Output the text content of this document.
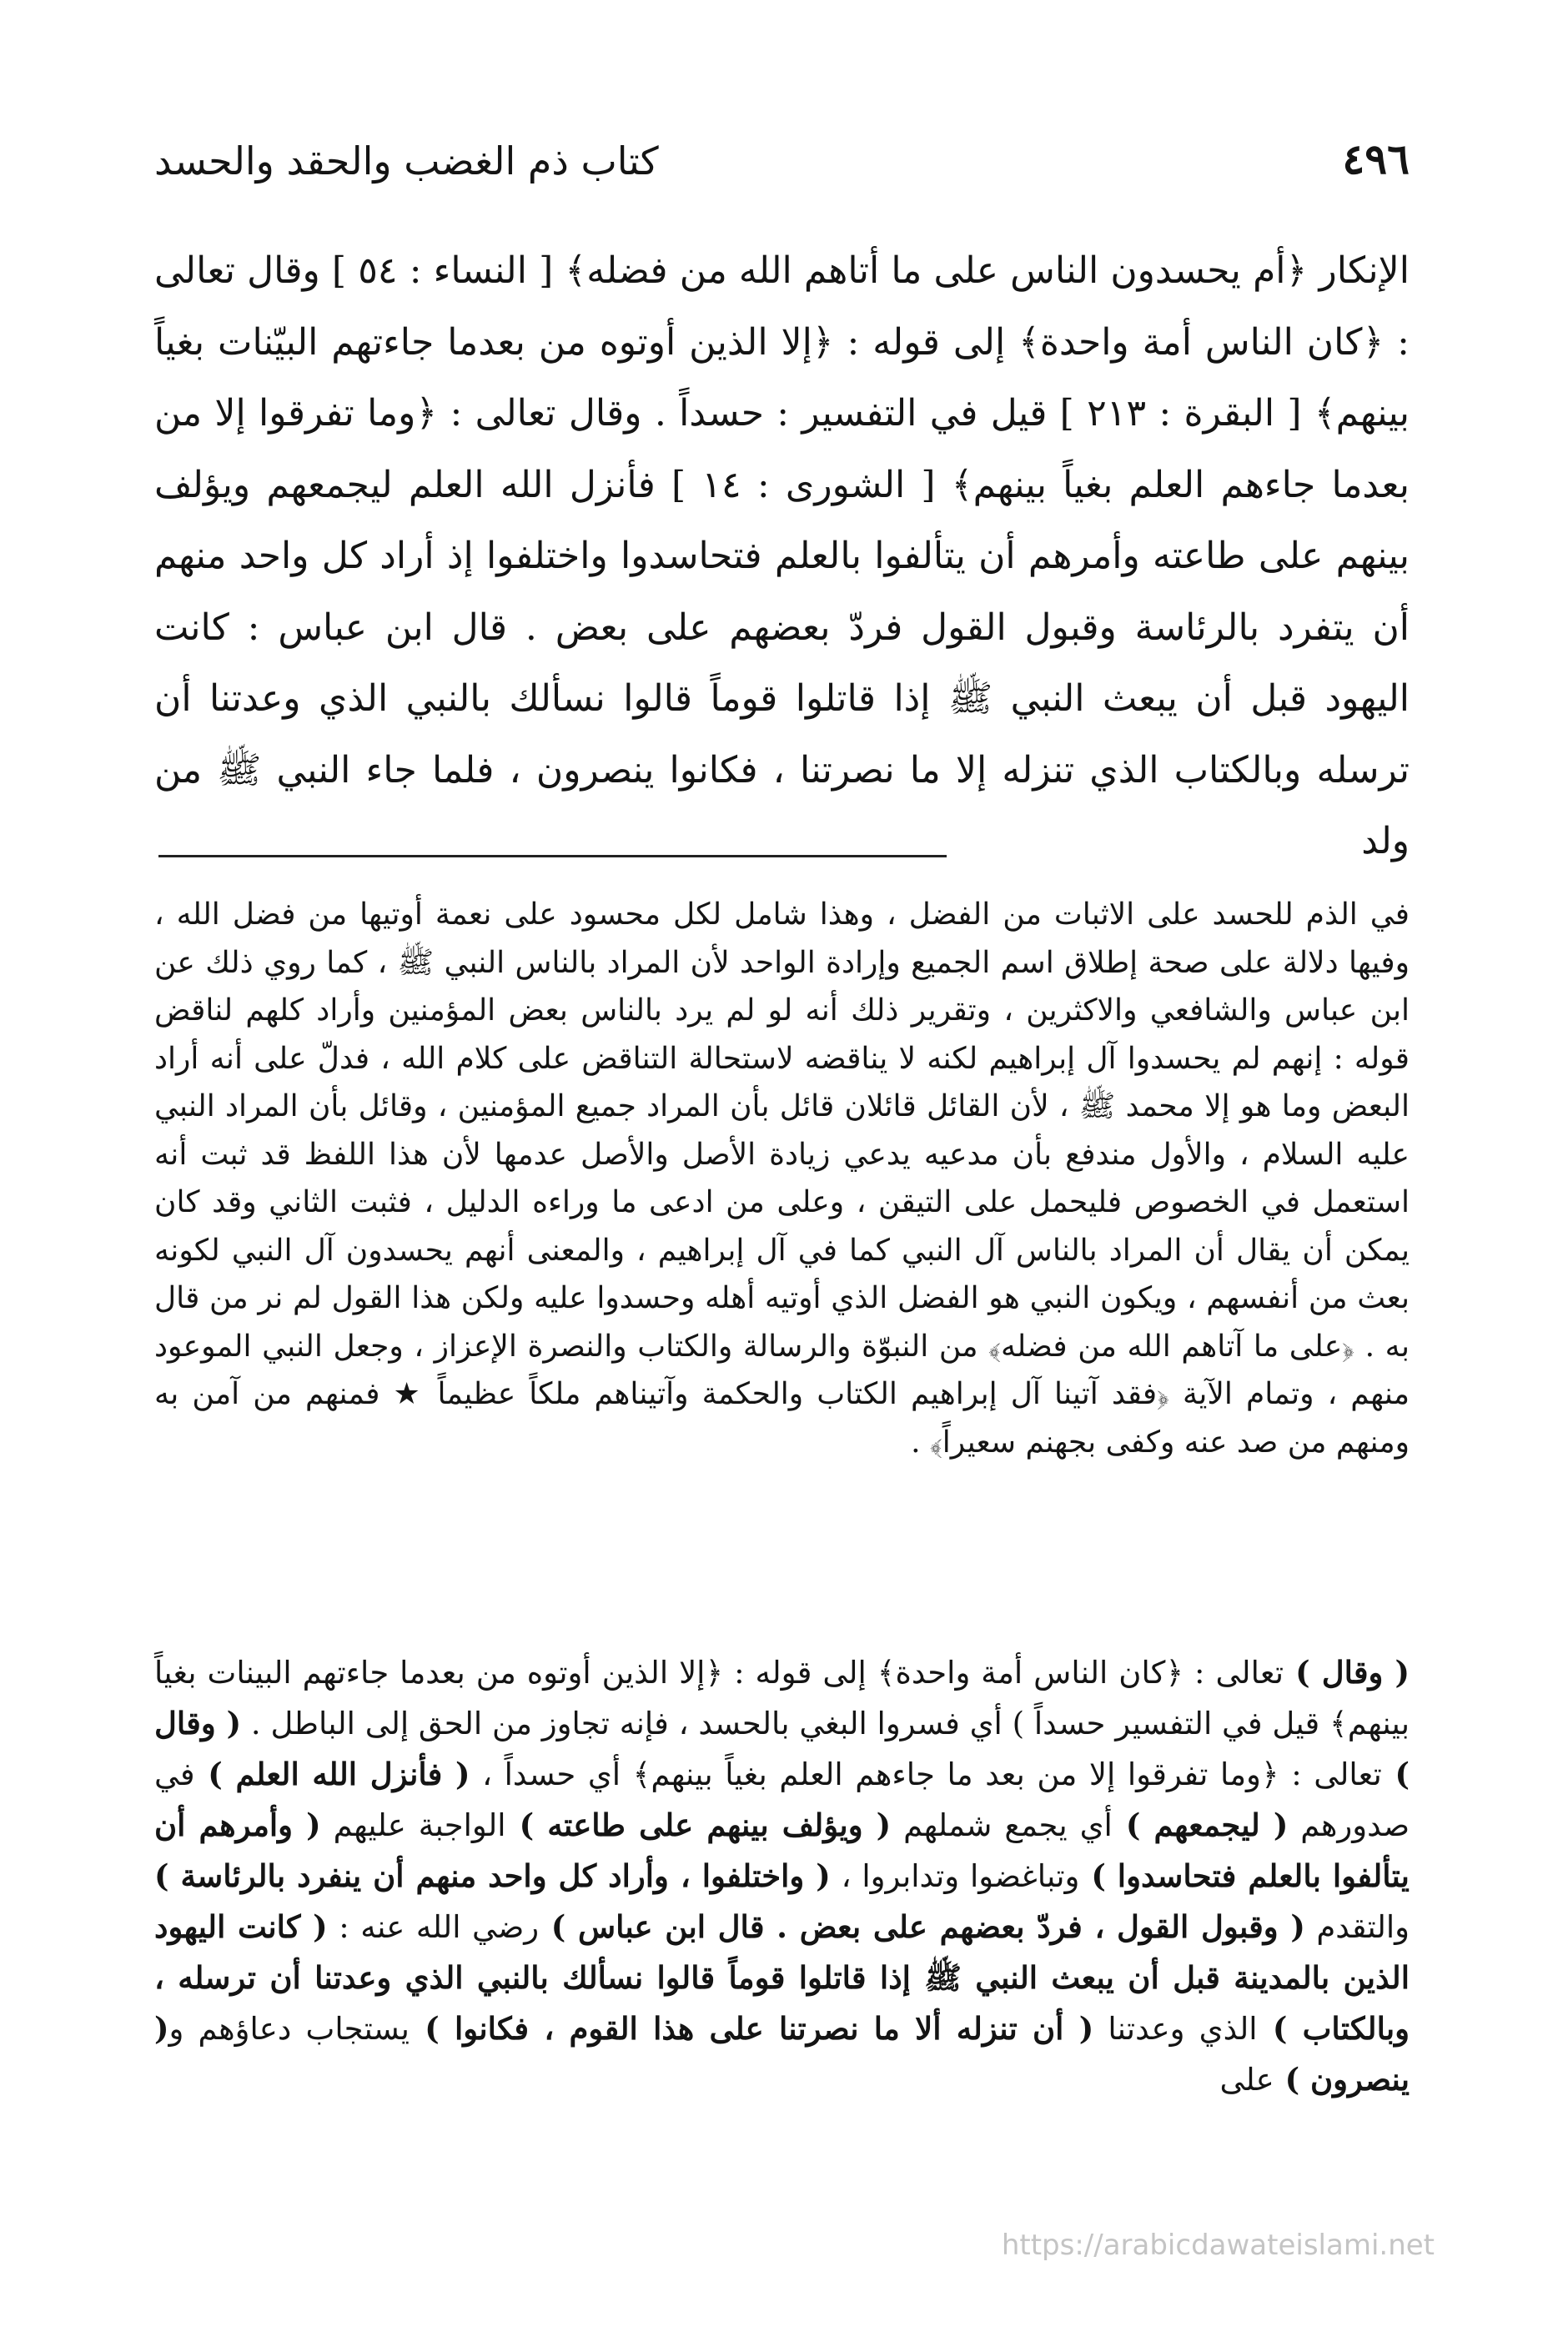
٤٩٦
كتاب ذم الغضب والحقد والحسد

الإنكار ﴿أم يحسدون الناس على ما أتاهم الله من فضله﴾ [ النساء : ٥٤ ] وقال تعالى : ﴿كان الناس أمة واحدة﴾ إلى قوله : ﴿إلا الذين أوتوه من بعدما جاءتهم البيّنات بغياً بينهم﴾ [ البقرة : ٢١٣ ] قيل في التفسير : حسداً . وقال تعالى : ﴿وما تفرقوا إلا من بعدما جاءهم العلم بغياً بينهم﴾ [ الشورى : ١٤ ] فأنزل الله العلم ليجمعهم ويؤلف بينهم على طاعته وأمرهم أن يتألفوا بالعلم فتحاسدوا واختلفوا إذ أراد كل واحد منهم أن يتفرد بالرئاسة وقبول القول فردّ بعضهم على بعض . قال ابن عباس : كانت اليهود قبل أن يبعث النبي ﷺ إذا قاتلوا قوماً قالوا نسألك بالنبي الذي وعدتنا أن ترسله وبالكتاب الذي تنزله إلا ما نصرتنا ، فكانوا ينصرون ، فلما جاء النبي ﷺ من ولد

في الذم للحسد على الاثبات من الفضل ، وهذا شامل لكل محسود على نعمة أوتيها من فضل الله ، وفيها دلالة على صحة إطلاق اسم الجميع وإرادة الواحد لأن المراد بالناس النبي ﷺ ، كما روي ذلك عن ابن عباس والشافعي والاكثرين ، وتقرير ذلك أنه لو لم يرد بالناس بعض المؤمنين وأراد كلهم لناقض قوله : إنهم لم يحسدوا آل إبراهيم لكنه لا يناقضه لاستحالة التناقض على كلام الله ، فدلّ على أنه أراد البعض وما هو إلا محمد ﷺ ، لأن القائل قائلان قائل بأن المراد جميع المؤمنين ، وقائل بأن المراد النبي عليه السلام ، والأول مندفع بأن مدعيه يدعي زيادة الأصل والأصل عدمها لأن هذا اللفظ قد ثبت أنه استعمل في الخصوص فليحمل على التيقن ، وعلى من ادعى ما وراءه الدليل ، فثبت الثاني وقد كان يمكن أن يقال أن المراد بالناس آل النبي كما في آل إبراهيم ، والمعنى أنهم يحسدون آل النبي لكونه بعث من أنفسهم ، ويكون النبي هو الفضل الذي أوتيه أهله وحسدوا عليه ولكن هذا القول لم نر من قال به . ﴿على ما آتاهم الله من فضله﴾ من النبوّة والرسالة والكتاب والنصرة الإعزاز ، وجعل النبي الموعود منهم ، وتمام الآية ﴿فقد آتينا آل إبراهيم الكتاب والحكمة وآتيناهم ملكاً عظيماً ★ فمنهم من آمن به ومنهم من صد عنه وكفى بجهنم سعيراً﴾ .

( وقال ) تعالى : ﴿كان الناس أمة واحدة﴾ إلى قوله : ﴿إلا الذين أوتوه من بعدما جاءتهم البينات بغياً بينهم﴾ قيل في التفسير حسداً ) أي فسروا البغي بالحسد ، فإنه تجاوز من الحق إلى الباطل . ( وقال ) تعالى : ﴿وما تفرقوا إلا من بعد ما جاءهم العلم بغياً بينهم﴾ أي حسداً ، ( فأنزل الله العلم ) في صدورهم ( ليجمعهم ) أي يجمع شملهم ( ويؤلف بينهم على طاعته ) الواجبة عليهم ( وأمرهم أن يتألفوا بالعلم فتحاسدوا ) وتباغضوا وتدابروا ، ( واختلفوا ، وأراد كل واحد منهم أن ينفرد بالرئاسة ) والتقدم ( وقبول القول ، فردّ بعضهم على بعض . قال ابن عباس ) رضي الله عنه : ( كانت اليهود الذين بالمدينة قبل أن يبعث النبي ﷺ إذا قاتلوا قوماً قالوا نسألك بالنبي الذي وعدتنا أن ترسله ، وبالكتاب ) الذي وعدتنا ( أن تنزله ألا ما نصرتنا على هذا القوم ، فكانوا ) يستجاب دعاؤهم و( ينصرون ) على

https://arabicdawateislami.net
